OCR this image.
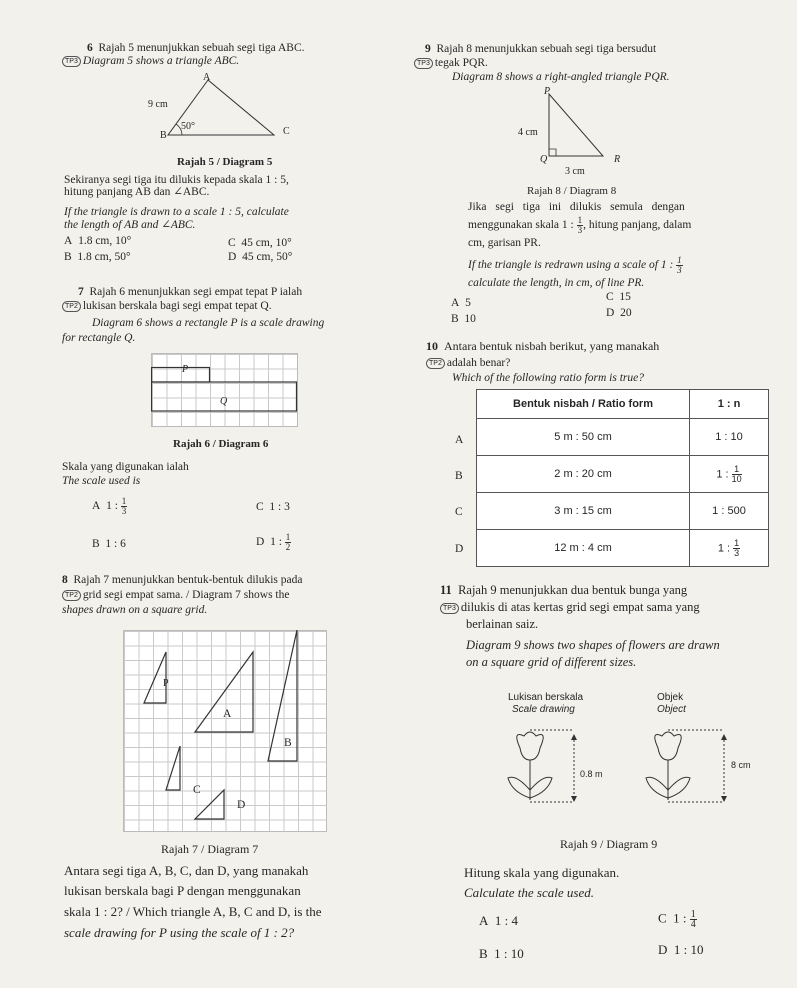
6 Rajah 5 menunjukkan sebuah segi tiga ABC.
TP3 Diagram 5 shows a triangle ABC.
A
B	C
9 cm
50°
Rajah 5 / Diagram 5
Sekiranya segi tiga itu dilukis kepada skala 1 : 5,
hitung panjang AB dan ∠ABC.
If the triangle is drawn to a scale 1 : 5, calculate
the length of AB and ∠ABC.
A  1.8 cm, 10°
B  1.8 cm, 50°
C  45 cm, 10°
D  45 cm, 50°
7 Rajah 6 menunjukkan segi empat tepat P ialah
TP2 lukisan berskala bagi segi empat tepat Q.
Diagram 6 shows a rectangle P is a scale drawing
for rectangle Q.
P
Q
Rajah 6 / Diagram 6
Skala yang digunakan ialah
The scale used is
A  1 : $\frac{1}{3}$	C  1 : 3
B  1 : 6	D  1 : $\frac{1}{2}$
8 Rajah 7 menunjukkan bentuk-bentuk dilukis pada
TP2 grid segi empat sama. / Diagram 7 shows the
shapes drawn on a square grid.
P
A
B
C
D
Rajah 7 / Diagram 7
Antara segi tiga A, B, C, dan D, yang manakah
lukisan berskala bagi P dengan menggunakan
skala 1 : 2? / Which triangle A, B, C and D, is the
scale drawing for P using the scale of 1 : 2?
9 Rajah 8 menunjukkan sebuah segi tiga bersudut
TP3 tegak PQR.
Diagram 8 shows a right-angled triangle PQR.
P
Q	R
4 cm
3 cm
Rajah 8 / Diagram 8
Jika segi tiga ini dilukis semula dengan
menggunakan skala 1 : $\frac{1}{3}$ , hitung panjang, dalam
cm, garisan PR.
If the triangle is redrawn using a scale of 1 : $\frac{1}{3}$
calculate the length, in cm, of line PR.
A  5
B  10
C  15
D  20
10 Antara bentuk nisbah berikut, yang manakah
TP2 adalah benar?
Which of the following ratio form is true?
A
B
C
D
Bentuk nisbah / Ratio form	1 : n
5 m : 50 cm	1 : 10
2 m : 20 cm	1 : $\frac{1}{10}$

3 m : 15 cm	1 : 500
12 m : 4 cm	1 : $\frac{1}{3}$
11 Rajah 9 menunjukkan dua bentuk bunga yang
TP3 dilukis di atas kertas grid segi empat sama yang
berlainan saiz.
Diagram 9 shows two shapes of flowers are drawn
on a square grid of different sizes.
Lukisan berskala
Scale drawing
Objek
Object
0.8 m
8 cm
Rajah 9 / Diagram 9
Hitung skala yang digunakan.
Calculate the scale used.
A  1 : 4	C  1 : $\frac{1}{4}$
B  1 : 10	D  1 : 10
